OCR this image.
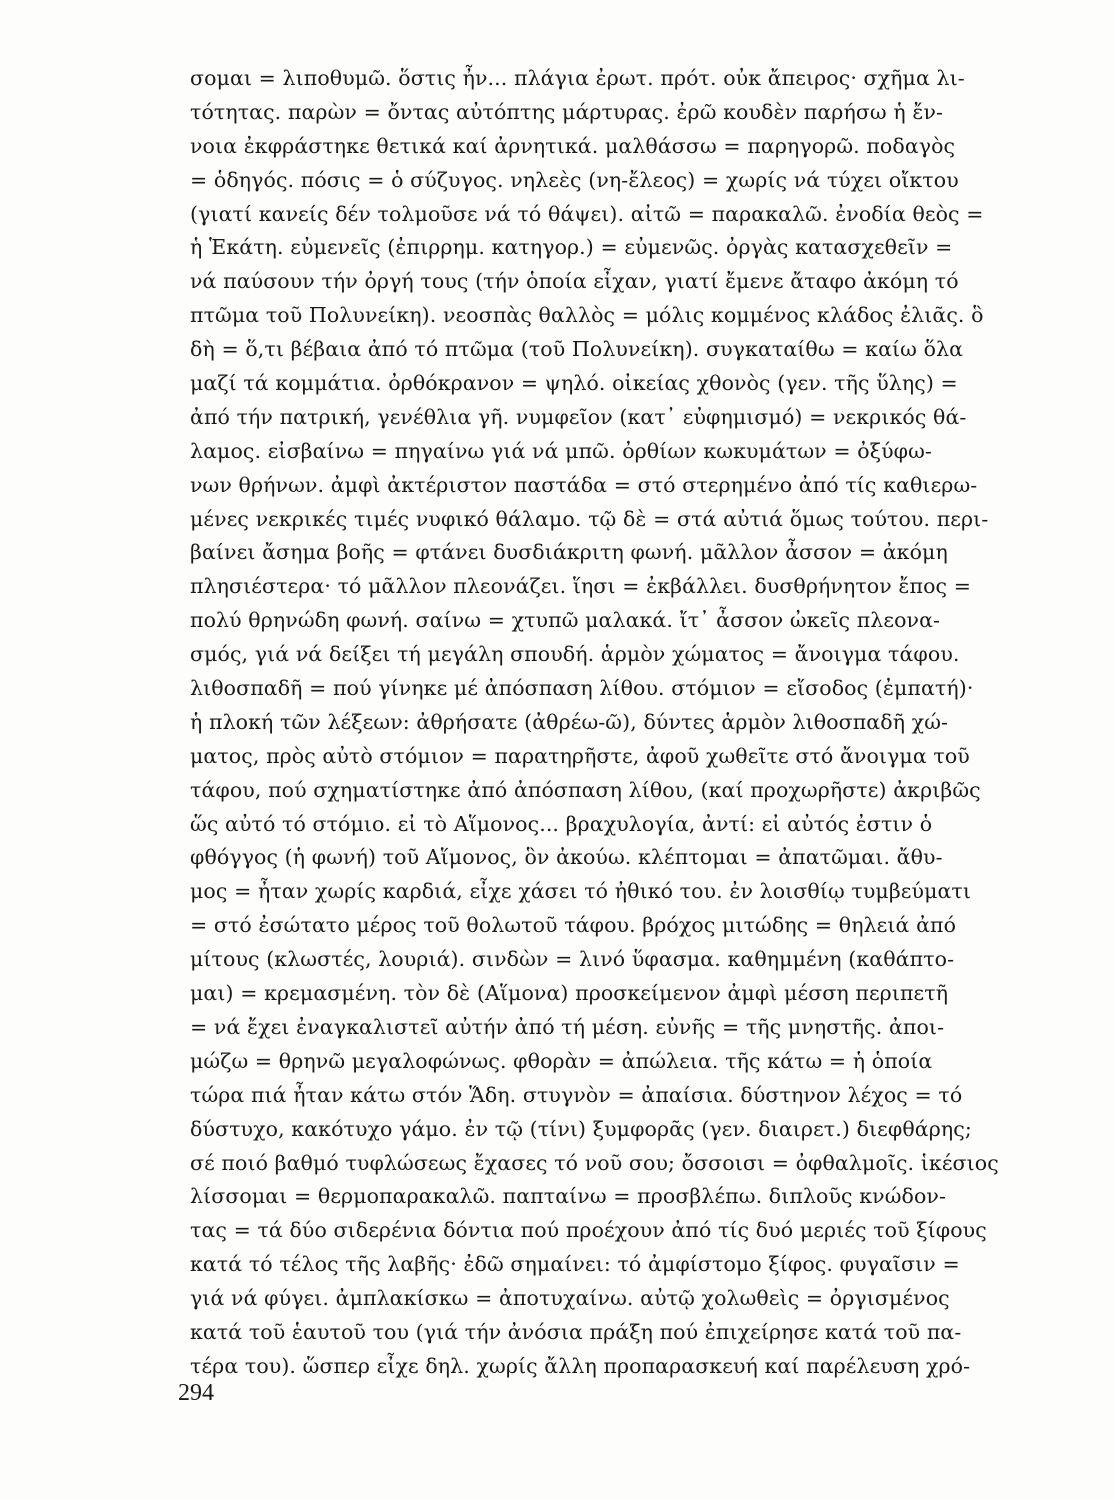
σομαι = λιποθυμῶ. ὅστις ἦν... πλάγια ἐρωτ. πρότ. οὐκ ἄπειρος· σχῆμα λι-
τότητας. παρὼν = ὄντας αὐτόπτης μάρτυρας. ἐρῶ κουδὲν παρήσω ἡ ἔν-
νοια ἐκφράστηκε θετικά καί ἀρνητικά. μαλθάσσω = παρηγορῶ. ποδαγὸς
= ὁδηγός. πόσις = ὁ σύζυγος. νηλεὲς (νη-ἔλεος) = χωρίς νά τύχει οἴκτου
(γιατί κανείς δέν τολμοῦσε νά τό θάψει). αἰτῶ = παρακαλῶ. ἐνοδία θεὸς =
ἡ Ἑκάτη. εὐμενεῖς (ἐπιρρημ. κατηγορ.) = εὐμενῶς. ὀργὰς κατασχεθεῖν =
νά παύσουν τήν ὀργή τους (τήν ὁποία εἶχαν, γιατί ἔμενε ἄταφο ἀκόμη τό
πτῶμα τοῦ Πολυνείκη). νεοσπὰς θαλλὸς = μόλις κομμένος κλάδος ἐλιᾶς. ὃ
δὴ = ὅ,τι βέβαια ἀπό τό πτῶμα (τοῦ Πολυνείκη). συγκαταίθω = καίω ὅλα
μαζί τά κομμάτια. ὀρθόκρανον = ψηλό. οἰκείας χθονὸς (γεν. τῆς ὕλης) =
ἀπό τήν πατρική, γενέθλια γῆ. νυμφεῖον (κατ᾽ εὐφημισμό) = νεκρικός θά-
λαμος. εἰσβαίνω = πηγαίνω γιά νά μπῶ. ὀρθίων κωκυμάτων = ὀξύφω-
νων θρήνων. ἀμφὶ ἀκτέριστον παστάδα = στό στερημένο ἀπό τίς καθιερω-
μένες νεκρικές τιμές νυφικό θάλαμο. τῷ δὲ = στά αὐτιά ὅμως τούτου. περι-
βαίνει ἄσημα βοῆς = φτάνει δυσδιάκριτη φωνή. μᾶλλον ἆσσον = ἀκόμη
πλησιέστερα· τό μᾶλλον πλεονάζει. ἵησι = ἐκβάλλει. δυσθρήνητον ἔπος =
πολύ θρηνώδη φωνή. σαίνω = χτυπῶ μαλακά. ἴτ᾽ ἆσσον ὠκεῖς πλεονα-
σμός, γιά νά δείξει τή μεγάλη σπουδή. ἁρμὸν χώματος = ἄνοιγμα τάφου.
λιθοσπαδῆ = πού γίνηκε μέ ἀπόσπαση λίθου. στόμιον = εἴσοδος (ἐμπατή)·
ἡ πλοκή τῶν λέξεων: ἀθρήσατε (ἀθρέω-ῶ), δύντες ἁρμὸν λιθοσπαδῆ χώ-
ματος, πρὸς αὐτὸ στόμιον = παρατηρῆστε, ἀφοῦ χωθεῖτε στό ἄνοιγμα τοῦ
τάφου, πού σχηματίστηκε ἀπό ἀπόσπαση λίθου, (καί προχωρῆστε) ἀκριβῶς
ὥς αὐτό τό στόμιο. εἰ τὸ Αἵμονος... βραχυλογία, ἀντί: εἰ αὐτός ἐστιν ὁ
φθόγγος (ἡ φωνή) τοῦ Αἵμονος, ὃν ἀκούω. κλέπτομαι = ἀπατῶμαι. ἄθυ-
μος = ἦταν χωρίς καρδιά, εἶχε χάσει τό ἠθικό του. ἐν λοισθίῳ τυμβεύματι
= στό ἐσώτατο μέρος τοῦ θολωτοῦ τάφου. βρόχος μιτώδης = θηλειά ἀπό
μίτους (κλωστές, λουριά). σινδὼν = λινό ὕφασμα. καθημμένη (καθάπτο-
μαι) = κρεμασμένη. τὸν δὲ (Αἵμονα) προσκείμενον ἀμφὶ μέσση περιπετῆ
= νά ἔχει ἐναγκαλιστεῖ αὐτήν ἀπό τή μέση. εὐνῆς = τῆς μνηστῆς. ἀποι-
μώζω = θρηνῶ μεγαλοφώνως. φθορὰν = ἀπώλεια. τῆς κάτω = ἡ ὁποία
τώρα πιά ἦταν κάτω στόν Ἅδη. στυγνὸν = ἀπαίσια. δύστηνον λέχος = τό
δύστυχο, κακότυχο γάμο. ἐν τῷ (τίνι) ξυμφορᾶς (γεν. διαιρετ.) διεφθάρης;
σέ ποιό βαθμό τυφλώσεως ἔχασες τό νοῦ σου; ὄσσοισι = ὀφθαλμοῖς. ἱκέσιος
λίσσομαι = θερμοπαρακαλῶ. παπταίνω = προσβλέπω. διπλοῦς κνώδον-
τας = τά δύο σιδερένια δόντια πού προέχουν ἀπό τίς δυό μεριές τοῦ ξίφους
κατά τό τέλος τῆς λαβῆς· ἐδῶ σημαίνει: τό ἀμφίστομο ξίφος. φυγαῖσιν =
γιά νά φύγει. ἀμπλακίσκω = ἀποτυχαίνω. αὐτῷ χολωθεὶς = ὀργισμένος
κατά τοῦ ἑαυτοῦ του (γιά τήν ἀνόσια πράξη πού ἐπιχείρησε κατά τοῦ πα-
τέρα του). ὥσπερ εἶχε δηλ. χωρίς ἄλλη προπαρασκευή καί παρέλευση χρό-
294
